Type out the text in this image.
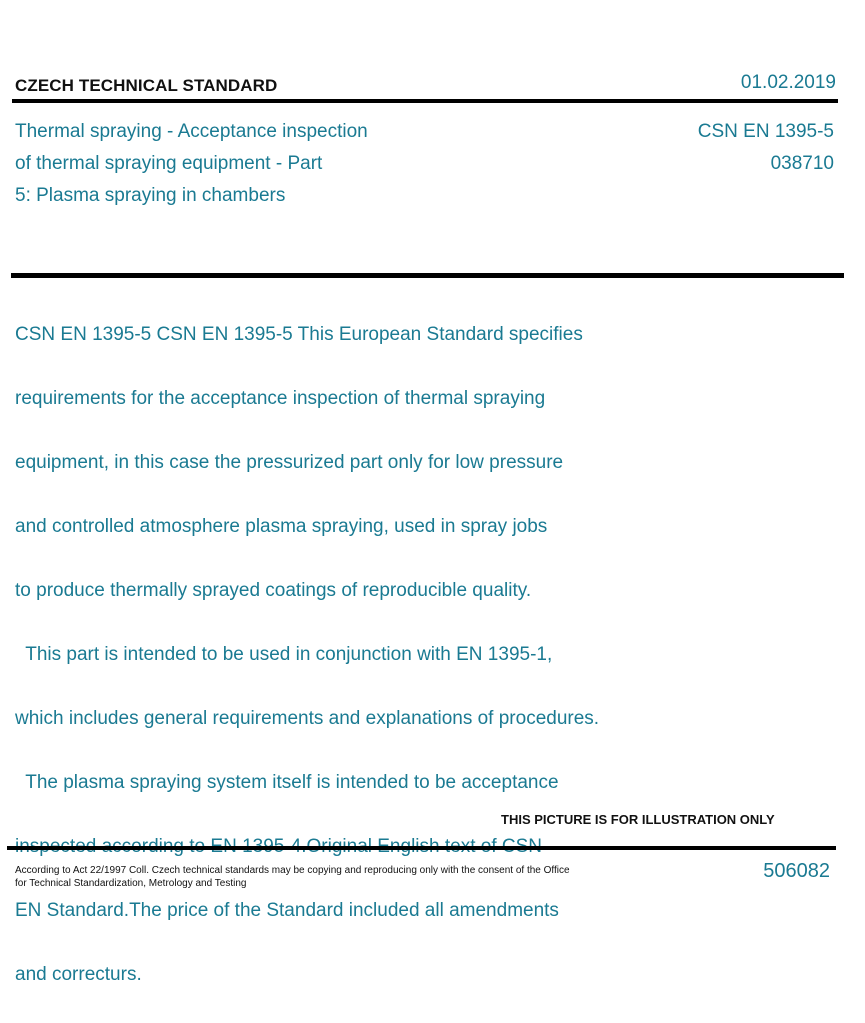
CZECH TECHNICAL STANDARD	01.02.2019
Thermal spraying - Acceptance inspection
of thermal spraying equipment - Part
5: Plasma spraying in chambers
CSN EN 1395-5
038710

CSN EN 1395-5 CSN EN 1395-5 This European Standard specifies

requirements for the acceptance inspection of thermal spraying

equipment, in this case the pressurized part only for low pressure

and controlled atmosphere plasma spraying, used in spray jobs

to produce thermally sprayed coatings of reproducible quality.

This part is intended to be used in conjunction with EN 1395-1,

which includes general requirements and explanations of procedures.

The plasma spraying system itself is intended to be acceptance

EN Standard.The price of the Standard included all amendments

and correcturs.

THIS PICTURE IS FOR ILLUSTRATION ONLY
According to Act 22/1997 Coll. Czech technical standards may be copying and reproducing only with the consent of the Office
for Technical Standardization, Metrology and Testing
506082
